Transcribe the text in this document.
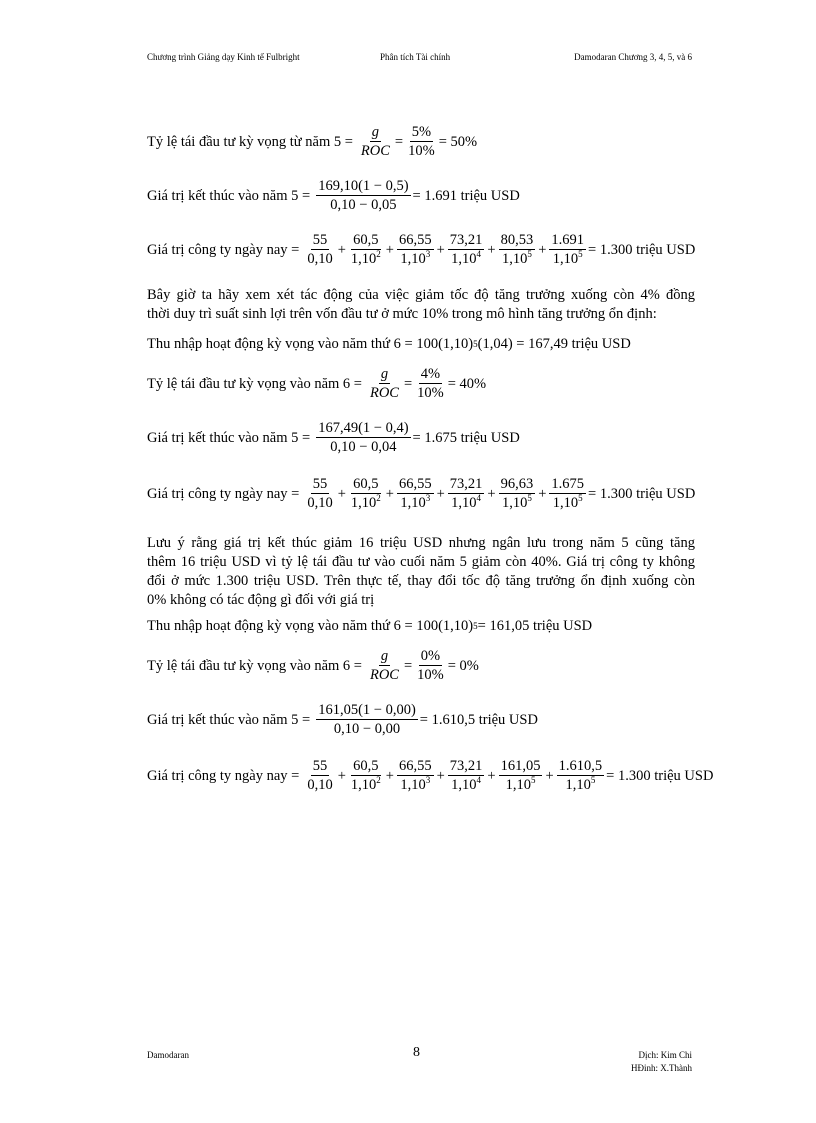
Chương trình Giảng dạy Kinh tế Fulbright	Phân tích Tài chính	Damodaran Chương 3, 4, 5, và 6
Tỷ lệ tái đầu tư kỳ vọng từ năm $5 = \frac{g}{\text{ROC}} = \frac{5\%}{10\%} = 50\%$
Giá trị kết thúc vào năm $5 = \frac{169,10(1 - 0,5)}{0,10 - 0,05} = 1.691$ triệu USD
Giá trị công ty ngày nay = $\frac{55}{0,10} + \frac{60,5}{1,10^2} + \frac{66,55}{1,10^3} + \frac{73,21}{1,10^4} + \frac{80,53}{1,10^5} + \frac{1.691}{1,10^5} = 1.300$ triệu USD
Bây giờ ta hãy xem xét tác động của việc giảm tốc độ tăng trưởng xuống còn 4% đồng
thời duy trì suất sinh lợi trên vốn đầu tư ở mức 10% trong mô hình tăng trưởng ổn định:
Thu nhập hoạt động kỳ vọng vào năm thứ 6 = 100(1,10) 5 (1,04) = 167,49 triệu USD
Tỷ lệ tái đầu tư kỳ vọng vào năm $6 = \frac{g}{\text{ROC}} = \frac{4\%}{10\%} = 40\%$
Giá trị kết thúc vào năm $5 = \frac{167,49(1 - 0,4)}{0,10 - 0,04} = 1.675$ triệu USD
Giá trị công ty ngày nay = $\frac{55}{0,10} + \frac{60,5}{1,10^2} + \frac{66,55}{1,10^3} + \frac{73,21}{1,10^4} + \frac{96,63}{1,10^5} + \frac{1.675}{1,10^5} = 1.300$ triệu USD
Lưu ý rằng giá trị kết thúc giảm 16 triệu USD nhưng ngân lưu trong năm 5 cũng tăng
thêm 16 triệu USD vì tỷ lệ tái đầu tư vào cuối năm 5 giảm còn 40%. Giá trị công ty không
đổi ở mức 1.300 triệu USD. Trên thực tế, thay đổi tốc độ tăng trưởng ổn định xuống còn
0% không có tác động gì đối với giá trị
Thu nhập hoạt động kỳ vọng vào năm thứ 6 = 100(1,10) 5 = 161,05 triệu USD
Tỷ lệ tái đầu tư kỳ vọng vào năm $6 = \frac{g}{\text{ROC}} = \frac{0\%}{10\%} = 0\%$
Giá trị kết thúc vào năm $5 = \frac{161,05(1 - 0,00)}{0,10 - 0,00} = 1.610,5$ triệu USD
Giá trị công ty ngày nay = $\frac{55}{0,10} + \frac{60,5}{1,10^2} + \frac{66,55}{1,10^3} + \frac{73,21}{1,10^4} + \frac{161,05}{1,10^5} + \frac{1.610,5}{1,10^5} = 1.300$ triệu USD
Damodaran	8	Dịch: Kim Chi
HĐinh: X.Thành
